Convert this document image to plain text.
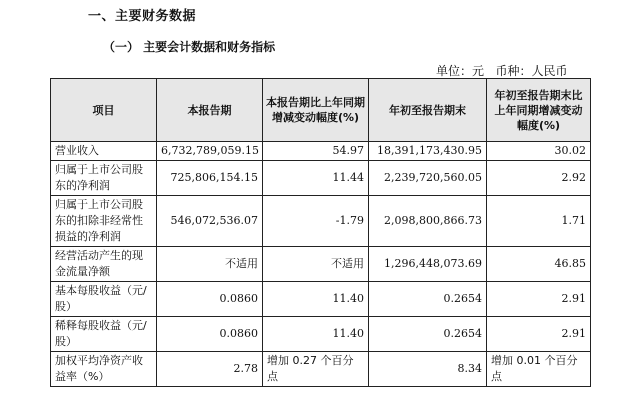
一、主要财务数据
（一） 主要会计数据和财务指标
单位：元   币种：人民币
项目	本报告期	本报告期比上年同期增减变动幅度(%)	年初至报告期末	年初至报告期末比上年同期增减变动幅度(%)
营业收入	6,732,789,059.15	54.97	18,391,173,430.95	30.02
归属于上市公司股东的净利润	725,806,154.15	11.44	2,239,720,560.05	2.92
归属于上市公司股东的扣除非经常性损益的净利润	546,072,536.07	-1.79	2,098,800,866.73	1.71
经营活动产生的现金流量净额	不适用	不适用	1,296,448,073.69	46.85
基本每股收益（元/股）	0.0860	11.40	0.2654	2.91
稀释每股收益（元/股）	0.0860	11.40	0.2654	2.91
加权平均净资产收益率（%）	2.78	增加 0.27 个百分点	8.34	增加 0.01 个百分点
